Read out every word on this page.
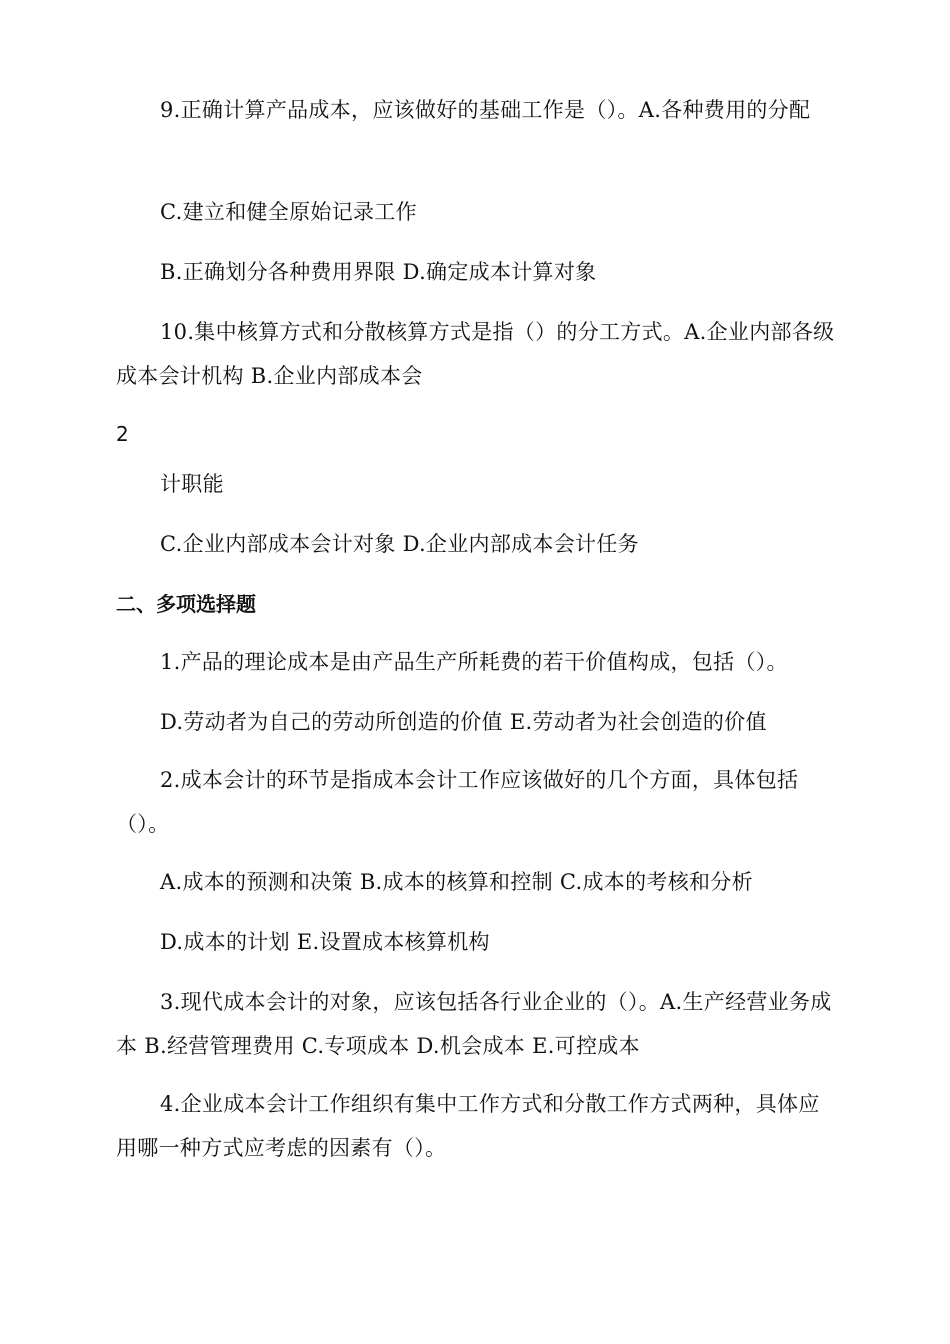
9.正确计算产品成本，应该做好的基础工作是（）。A.各种费用的分配

C.建立和健全原始记录工作

B.正确划分各种费用界限 D.确定成本计算对象

10.集中核算方式和分散核算方式是指（）的分工方式。A.企业内部各级成本会计机构 B.企业内部成本会

2

计职能

C.企业内部成本会计对象 D.企业内部成本会计任务

二、多项选择题

1.产品的理论成本是由产品生产所耗费的若干价值构成，包括（）。

D.劳动者为自己的劳动所创造的价值 E.劳动者为社会创造的价值

2.成本会计的环节是指成本会计工作应该做好的几个方面，具体包括（）。

A.成本的预测和决策 B.成本的核算和控制 C.成本的考核和分析

D.成本的计划 E.设置成本核算机构

3.现代成本会计的对象，应该包括各行业企业的（）。A.生产经营业务成本 B.经营管理费用 C.专项成本 D.机会成本 E.可控成本

4.企业成本会计工作组织有集中工作方式和分散工作方式两种，具体应用哪一种方式应考虑的因素有（）。
